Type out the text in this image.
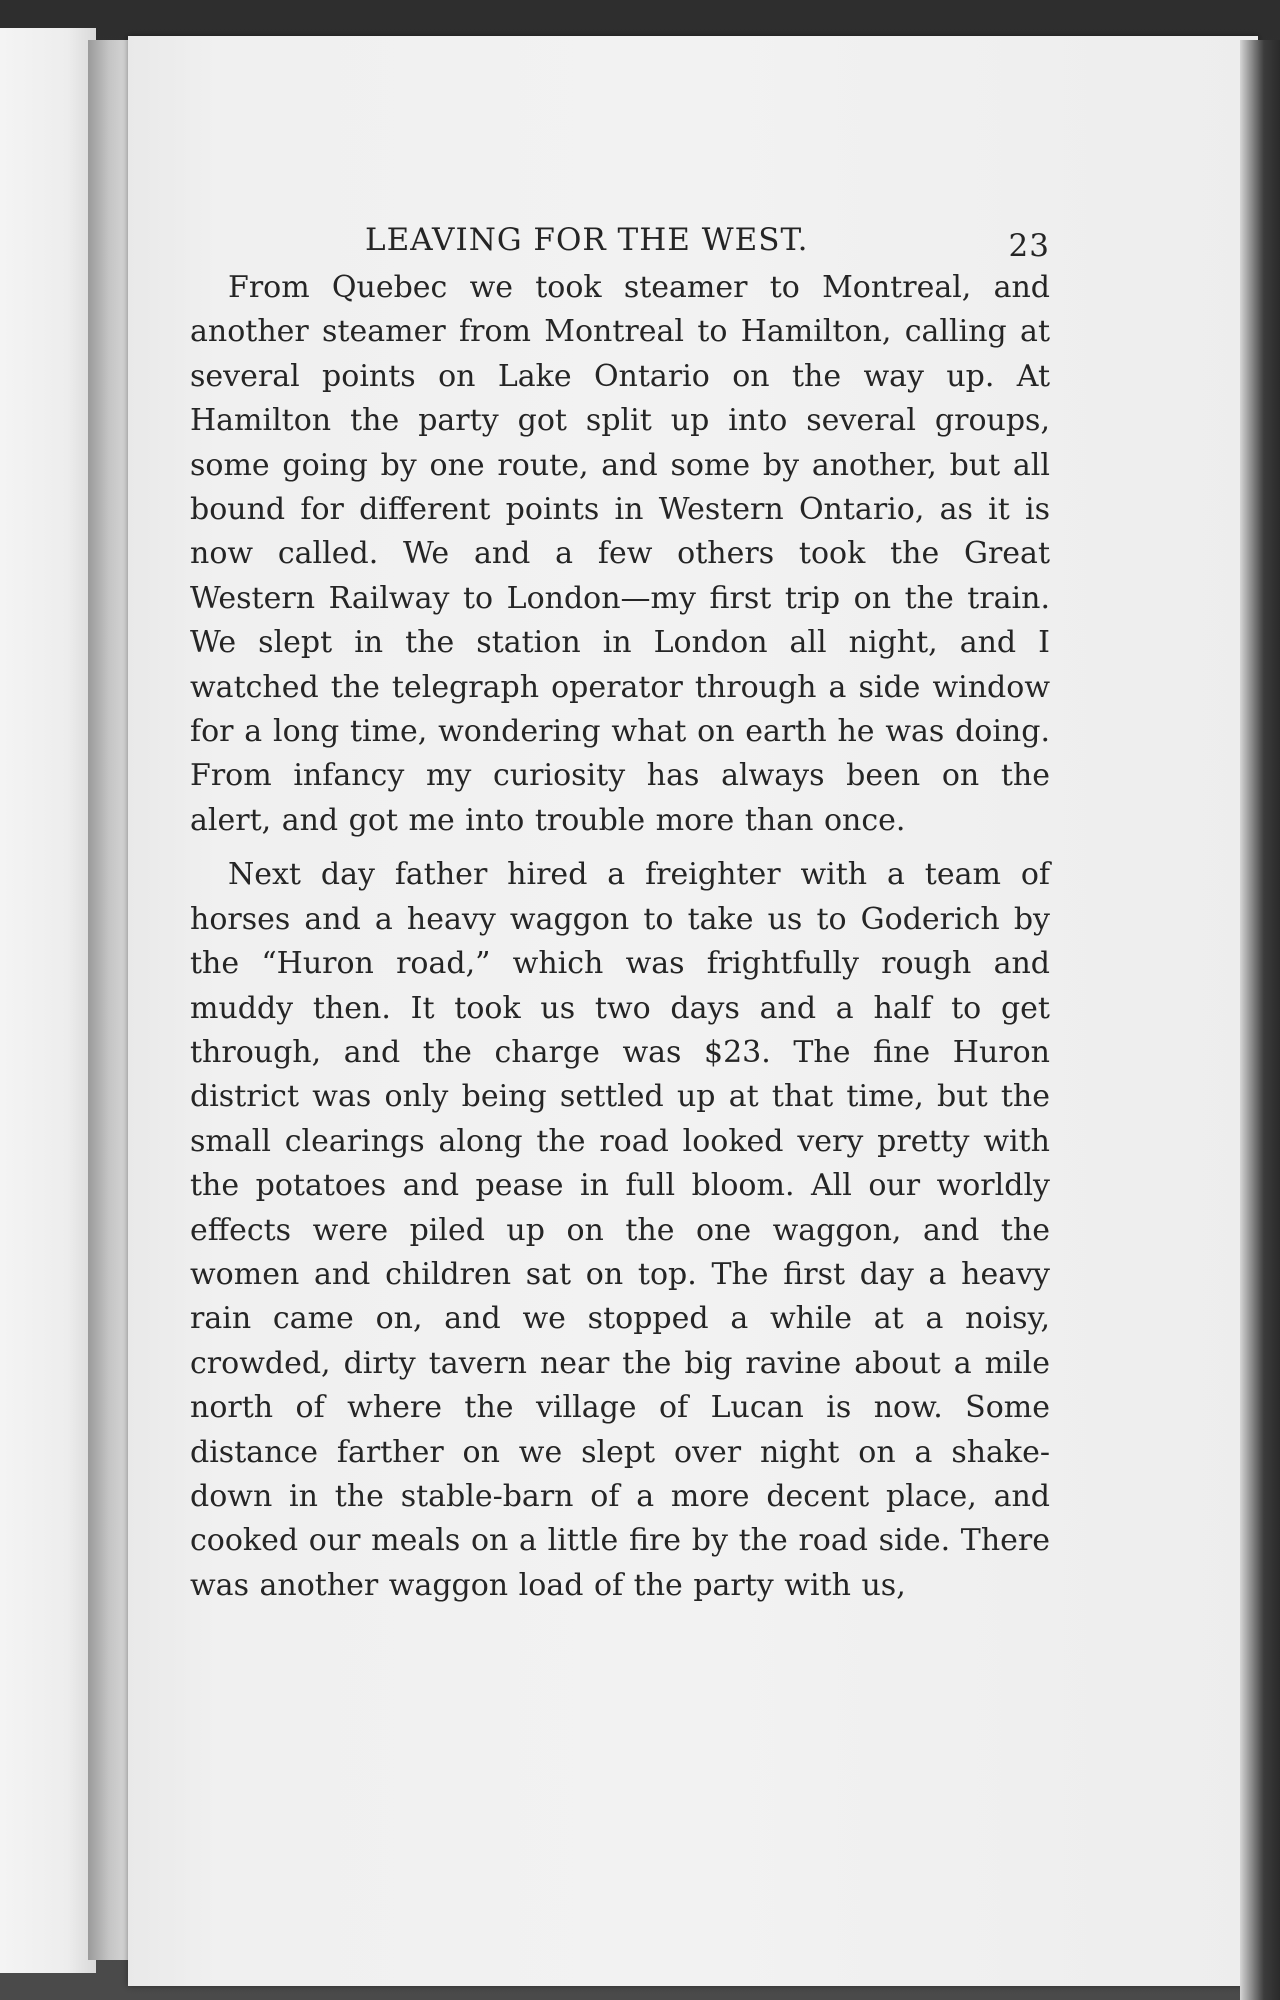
LEAVING FOR THE WEST.	23

From Quebec we took steamer to Montreal, and another steamer from Montreal to Hamilton, calling at several points on Lake Ontario on the way up. At Hamilton the party got split up into several groups, some going by one route, and some by another, but all bound for different points in Western Ontario, as it is now called. We and a few others took the Great Western Railway to London—my first trip on the train. We slept in the station in London all night, and I watched the telegraph operator through a side window for a long time, wondering what on earth he was doing. From infancy my curiosity has always been on the alert, and got me into trouble more than once.

Next day father hired a freighter with a team of horses and a heavy waggon to take us to Goderich by the “Huron road,” which was frightfully rough and muddy then. It took us two days and a half to get through, and the charge was $23. The fine Huron district was only being settled up at that time, but the small clearings along the road looked very pretty with the potatoes and pease in full bloom. All our worldly effects were piled up on the one waggon, and the women and children sat on top. The first day a heavy rain came on, and we stopped a while at a noisy, crowded, dirty tavern near the big ravine about a mile north of where the village of Lucan is now. Some distance farther on we slept over night on a shake-down in the stable-barn of a more decent place, and cooked our meals on a little fire by the road side. There was another waggon load of the party with us,
